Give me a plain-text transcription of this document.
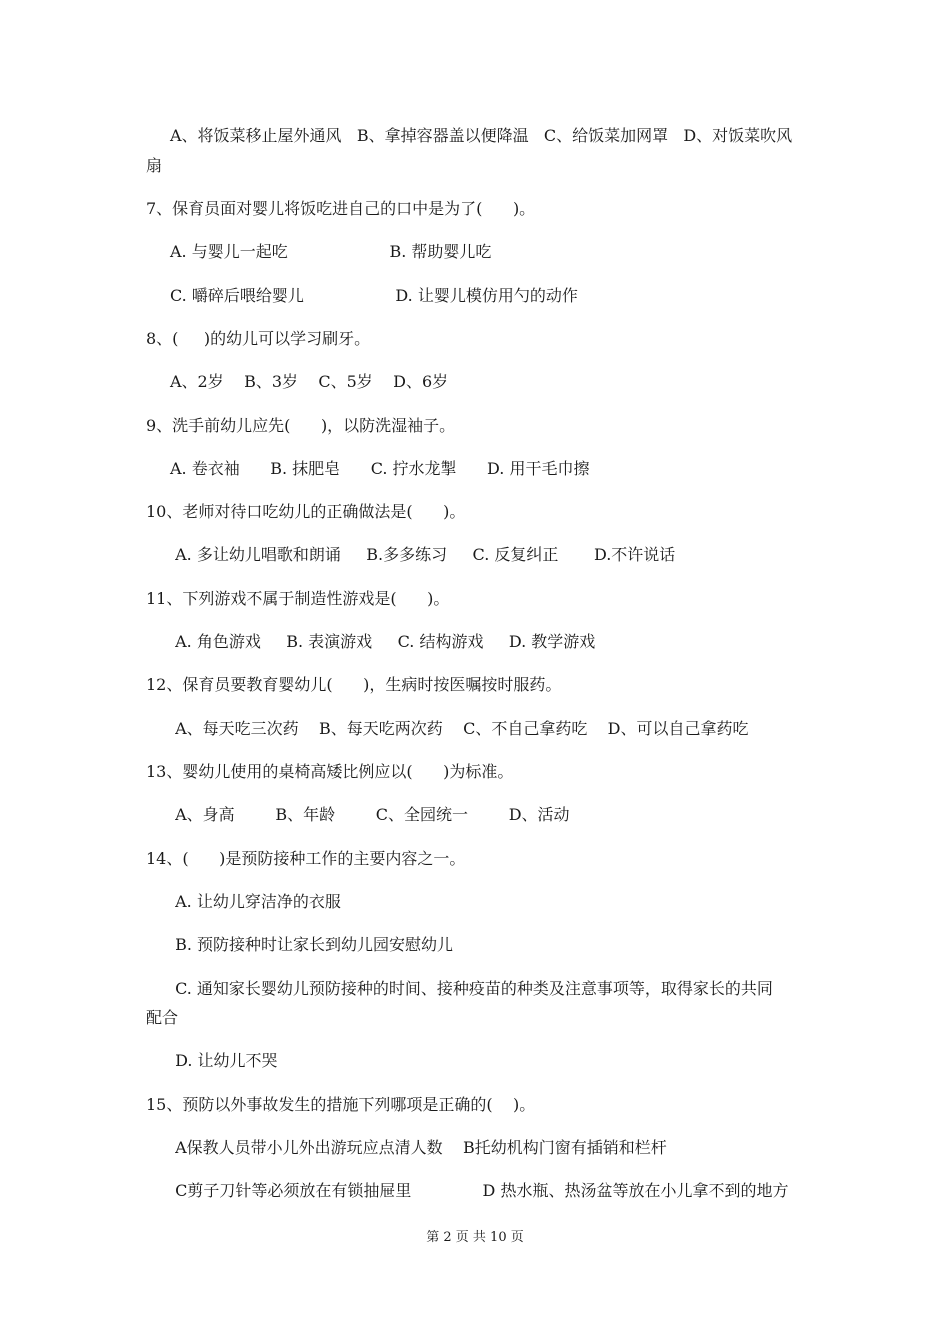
A、将饭菜移止屋外通风   B、拿掉容器盖以便降温   C、给饭菜加网罩   D、对饭菜吹风
扇
7、保育员面对婴儿将饭吃进自己的口中是为了(      )。
A. 与婴儿一起吃                    B. 帮助婴儿吃
C. 嚼碎后喂给婴儿                  D. 让婴儿模仿用勺的动作
8、(     )的幼儿可以学习刷牙。
A、2岁    B、3岁    C、5岁    D、6岁
9、洗手前幼儿应先(      )，以防洗湿袖子。
A. 卷衣袖      B. 抹肥皂      C. 拧水龙掣      D. 用干毛巾擦
10、老师对待口吃幼儿的正确做法是(      )。
A. 多让幼儿唱歌和朗诵     B.多多练习     C. 反复纠正       D.不许说话
11、下列游戏不属于制造性游戏是(      )。
A. 角色游戏     B. 表演游戏     C. 结构游戏     D. 教学游戏
12、保育员要教育婴幼儿(      )，生病时按医嘱按时服药。
A、每天吃三次药    B、每天吃两次药    C、不自己拿药吃    D、可以自己拿药吃
13、婴幼儿使用的桌椅高矮比例应以(      )为标准。
A、身高        B、年龄        C、全园统一        D、活动
14、(      )是预防接种工作的主要内容之一。
A. 让幼儿穿洁净的衣服
B. 预防接种时让家长到幼儿园安慰幼儿
C. 通知家长婴幼儿预防接种的时间、接种疫苗的种类及注意事项等，取得家长的共同
配合
D. 让幼儿不哭
15、预防以外事故发生的措施下列哪项是正确的(    )。
A保教人员带小儿外出游玩应点清人数    B托幼机构门窗有插销和栏杆
C剪子刀针等必须放在有锁抽屉里              D 热水瓶、热汤盆等放在小儿拿不到的地方
第 2 页 共 10 页
